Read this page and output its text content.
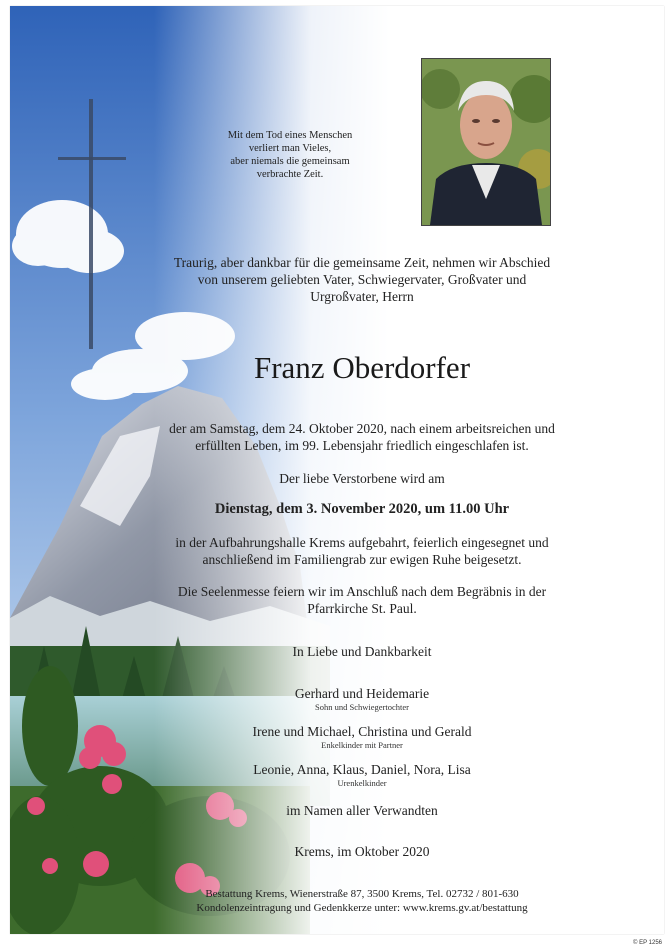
Mit dem Tod eines Menschen
verliert man Vieles,
aber niemals die gemeinsam
verbrachte Zeit.
Traurig, aber dankbar für die gemeinsame Zeit, nehmen wir Abschied
von unserem geliebten Vater, Schwiegervater, Großvater und
Urgroßvater, Herrn
Franz Oberdorfer
der am Samstag, dem 24. Oktober 2020, nach einem arbeitsreichen und
erfüllten Leben, im 99. Lebensjahr friedlich eingeschlafen ist.
Der liebe Verstorbene wird am
Dienstag, dem 3. November 2020, um 11.00 Uhr
in der Aufbahrungshalle Krems aufgebahrt, feierlich eingesegnet und
anschließend im Familiengrab zur ewigen Ruhe beigesetzt.
Die Seelenmesse feiern wir im Anschluß nach dem Begräbnis in der
Pfarrkirche St. Paul.
In Liebe und Dankbarkeit
Gerhard und Heidemarie
Sohn und Schwiegertochter
Irene und Michael, Christina und Gerald
Enkelkinder mit Partner
Leonie, Anna, Klaus, Daniel, Nora, Lisa
Urenkelkinder
im Namen aller Verwandten
Krems, im Oktober 2020
Bestattung Krems, Wienerstraße 87, 3500 Krems, Tel. 02732 / 801-630
Kondolenzeintragung und Gedenkkerze unter: www.krems.gv.at/bestattung
© EP 1256
